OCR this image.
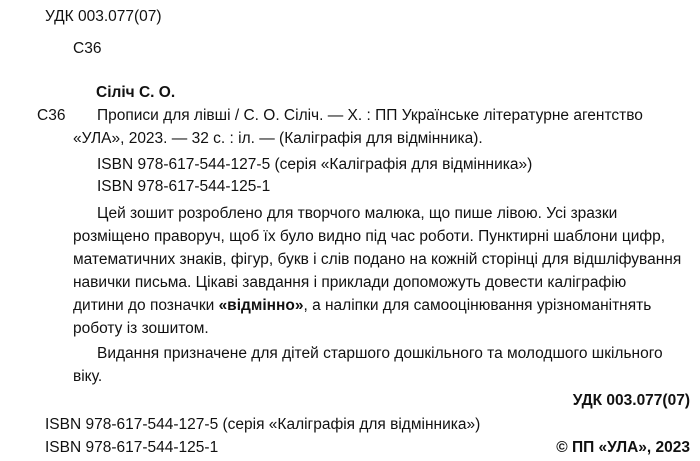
УДК 003.077(07)
С36
Сіліч С. О.
С36 Прописи для лівші / С. О. Сіліч. — Х. : ПП Українське літературне агентство
«УЛА», 2023. — 32 с. : іл. — (Каліграфія для відмінника).
ISBN 978-617-544-127-5 (серія «Каліграфія для відмінника»)
ISBN 978-617-544-125-1
Цей зошит розроблено для творчого малюка, що пише лівою. Усі зразки
розміщено праворуч, щоб їх було видно під час роботи. Пунктирні шаблони цифр,
математичних знаків, фігур, букв і слів подано на кожній сторінці для відшліфування
навички письма. Цікаві завдання і приклади допоможуть довести каліграфію
дитини до позначки «відмінно», а наліпки для самооцінювання урізноманітнять
роботу із зошитом.
Видання призначене для дітей старшого дошкільного та молодшого шкільного
віку.
УДК 003.077(07)
ISBN 978-617-544-127-5 (серія «Каліграфія для відмінника»)
ISBN 978-617-544-125-1	© ПП «УЛА», 2023
